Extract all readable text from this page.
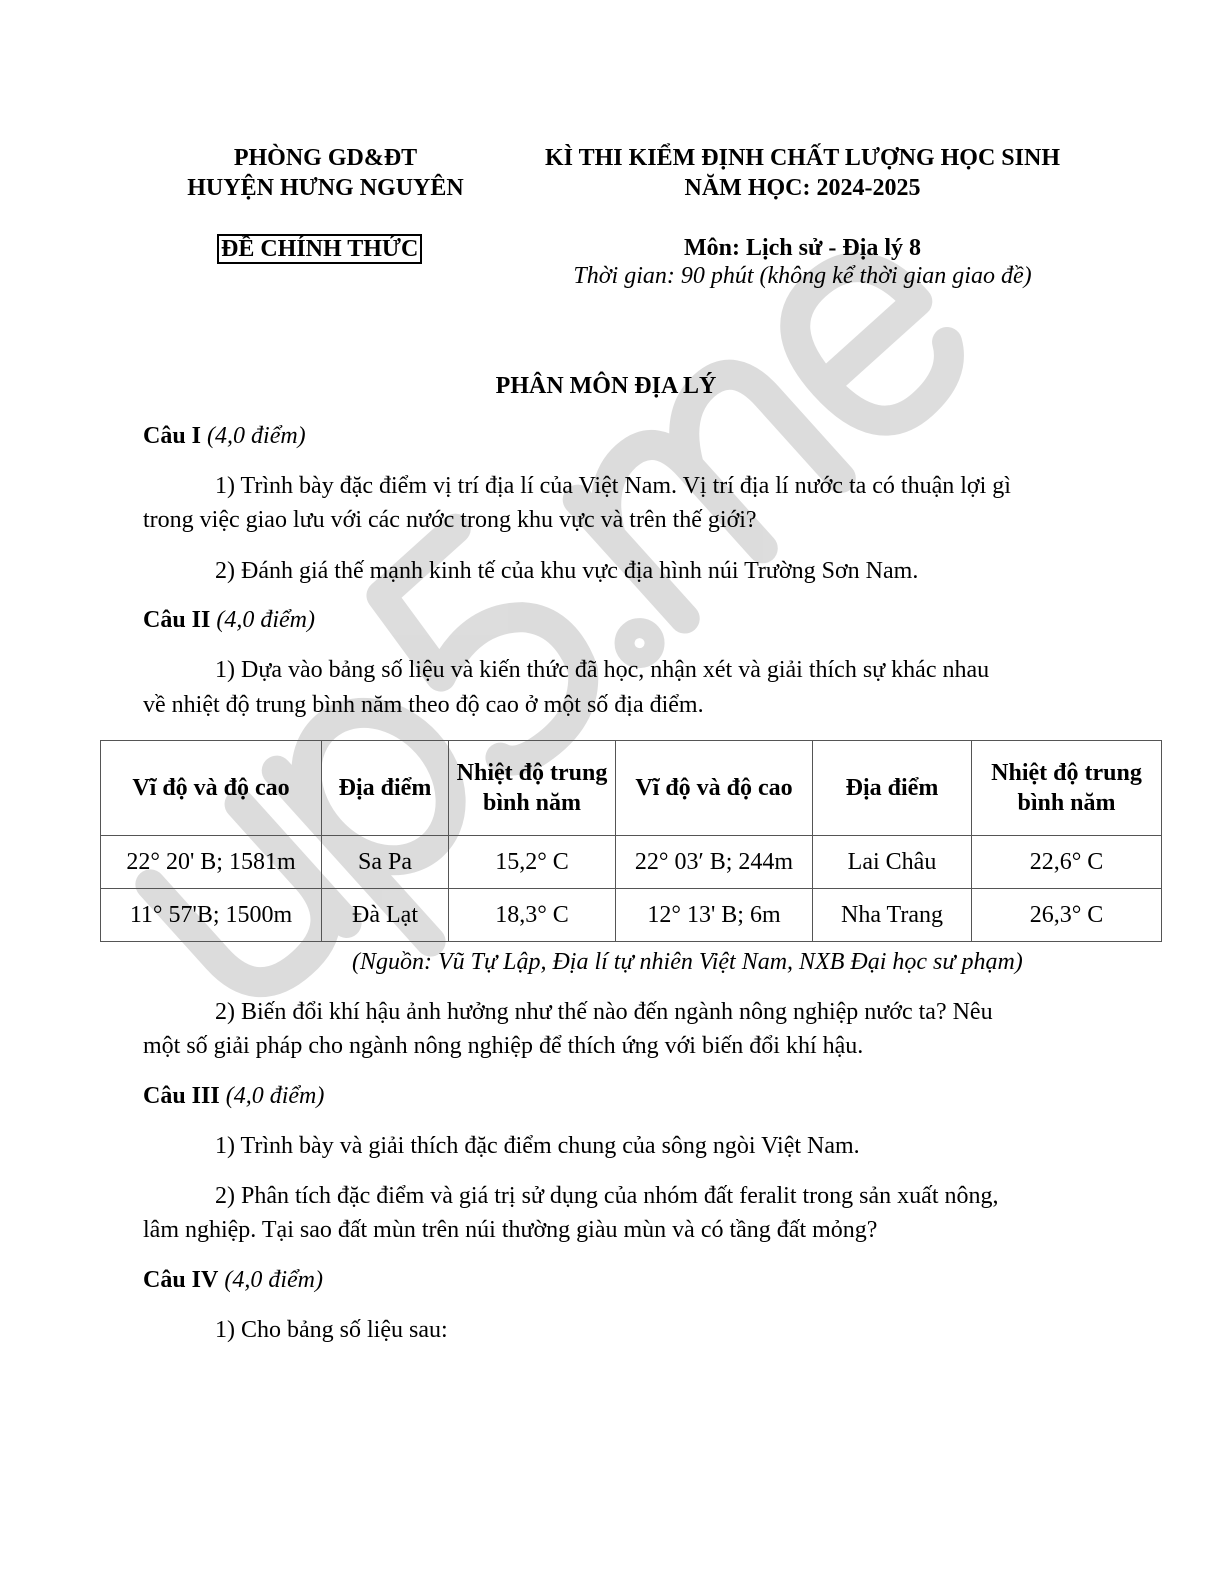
PHÒNG GD&ĐT
HUYỆN HƯNG NGUYÊN
KÌ THI KIỂM ĐỊNH CHẤT LƯỢNG HỌC SINH
NĂM HỌC: 2024-2025
ĐỀ CHÍNH THỨC	Môn: Lịch sử - Địa lý 8
Thời gian: 90 phút (không kể thời gian giao đề)
PHÂN MÔN ĐỊA LÝ
Câu I (4,0 điểm)
1) Trình bày đặc điểm vị trí địa lí của Việt Nam. Vị trí địa lí nước ta có thuận lợi gì
trong việc giao lưu với các nước trong khu vực và trên thế giới?
2) Đánh giá thế mạnh kinh tế của khu vực địa hình núi Trường Sơn Nam.
Câu II (4,0 điểm)
1) Dựa vào bảng số liệu và kiến thức đã học, nhận xét và giải thích sự khác nhau
về nhiệt độ trung bình năm theo độ cao ở một số địa điểm.
Vĩ độ và độ cao	Địa điểm	Nhiệt độ trung bình năm	Vĩ độ và độ cao	Địa điểm	Nhiệt độ trung bình năm
22° 20' B; 1581m	Sa Pa	15,2° C	22° 03′ B; 244m	Lai Châu	22,6° C
11° 57'B; 1500m	Đà Lạt	18,3° C	12° 13' B; 6m	Nha Trang	26,3° C
(Nguồn: Vũ Tự Lập, Địa lí tự nhiên Việt Nam, NXB Đại học sư phạm)
2) Biến đổi khí hậu ảnh hưởng như thế nào đến ngành nông nghiệp nước ta? Nêu
một số giải pháp cho ngành nông nghiệp để thích ứng với biến đổi khí hậu.
Câu III (4,0 điểm)
1) Trình bày và giải thích đặc điểm chung của sông ngòi Việt Nam.
2) Phân tích đặc điểm và giá trị sử dụng của nhóm đất feralit trong sản xuất nông,
lâm nghiệp. Tại sao đất mùn trên núi thường giàu mùn và có tầng đất mỏng?
Câu IV (4,0 điểm)
1) Cho bảng số liệu sau:
